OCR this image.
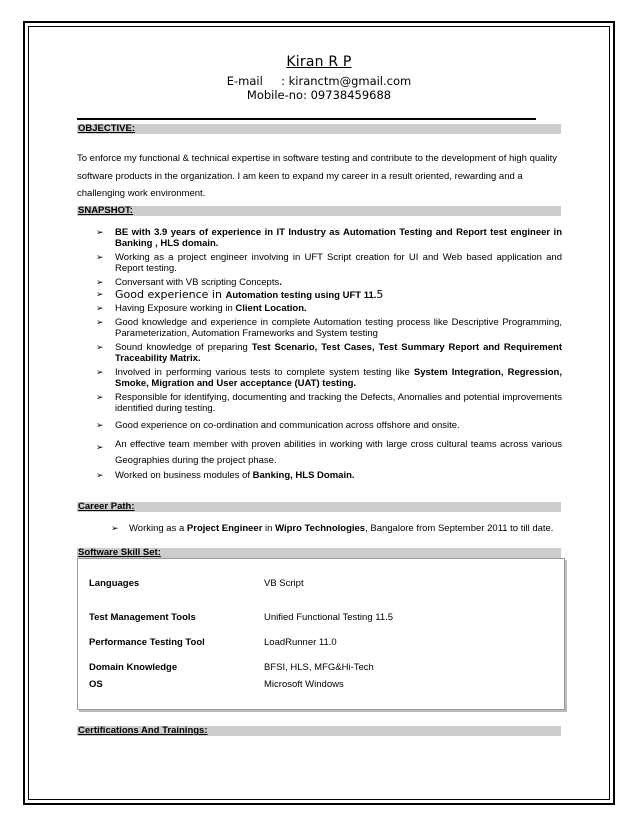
Kiran R P
E-mail     : kiranctm@gmail.com
Mobile-no: 09738459688
OBJECTIVE:
To enforce my functional & technical expertise in software testing and contribute to the development of high quality software products in the organization. I am keen to expand my career in a result oriented, rewarding and a challenging work environment.
SNAPSHOT:
➢ BE with 3.9 years of experience in IT Industry as Automation Testing and Report test engineer in Banking , HLS domain.
➢ Working as a project engineer involving in UFT Script creation for UI and Web based application and Report testing.
➢ Conversant with VB scripting Concepts.
➢ Good experience in Automation testing using UFT 11.5
➢ Having Exposure working in Client Location.
➢ Good knowledge and experience in complete Automation testing process like Descriptive Programming, Parameterization, Automation Frameworks and System testing
➢ Sound knowledge of preparing Test Scenario, Test Cases, Test Summary Report and Requirement Traceability Matrix.
➢ Involved in performing various tests to complete system testing like System Integration, Regression, Smoke, Migration and User acceptance (UAT) testing.
➢ Responsible for identifying, documenting and tracking the Defects, Anomalies and potential improvements identified during testing.
➢ Good experience on co-ordination and communication across offshore and onsite.
➢ An effective team member with proven abilities in working with large cross cultural teams across various Geographies during the project phase.
➢ Worked on business modules of Banking, HLS Domain.
Career Path:
➢ Working as a Project Engineer in Wipro Technologies, Bangalore from September 2011 to till date.
Software Skill Set:
Languages	VB Script
Test Management Tools	Unified Functional Testing 11.5
Performance Testing Tool	LoadRunner 11.0
Domain Knowledge	BFSI, HLS, MFG&Hi-Tech
OS	Microsoft Windows
Certifications And Trainings:
